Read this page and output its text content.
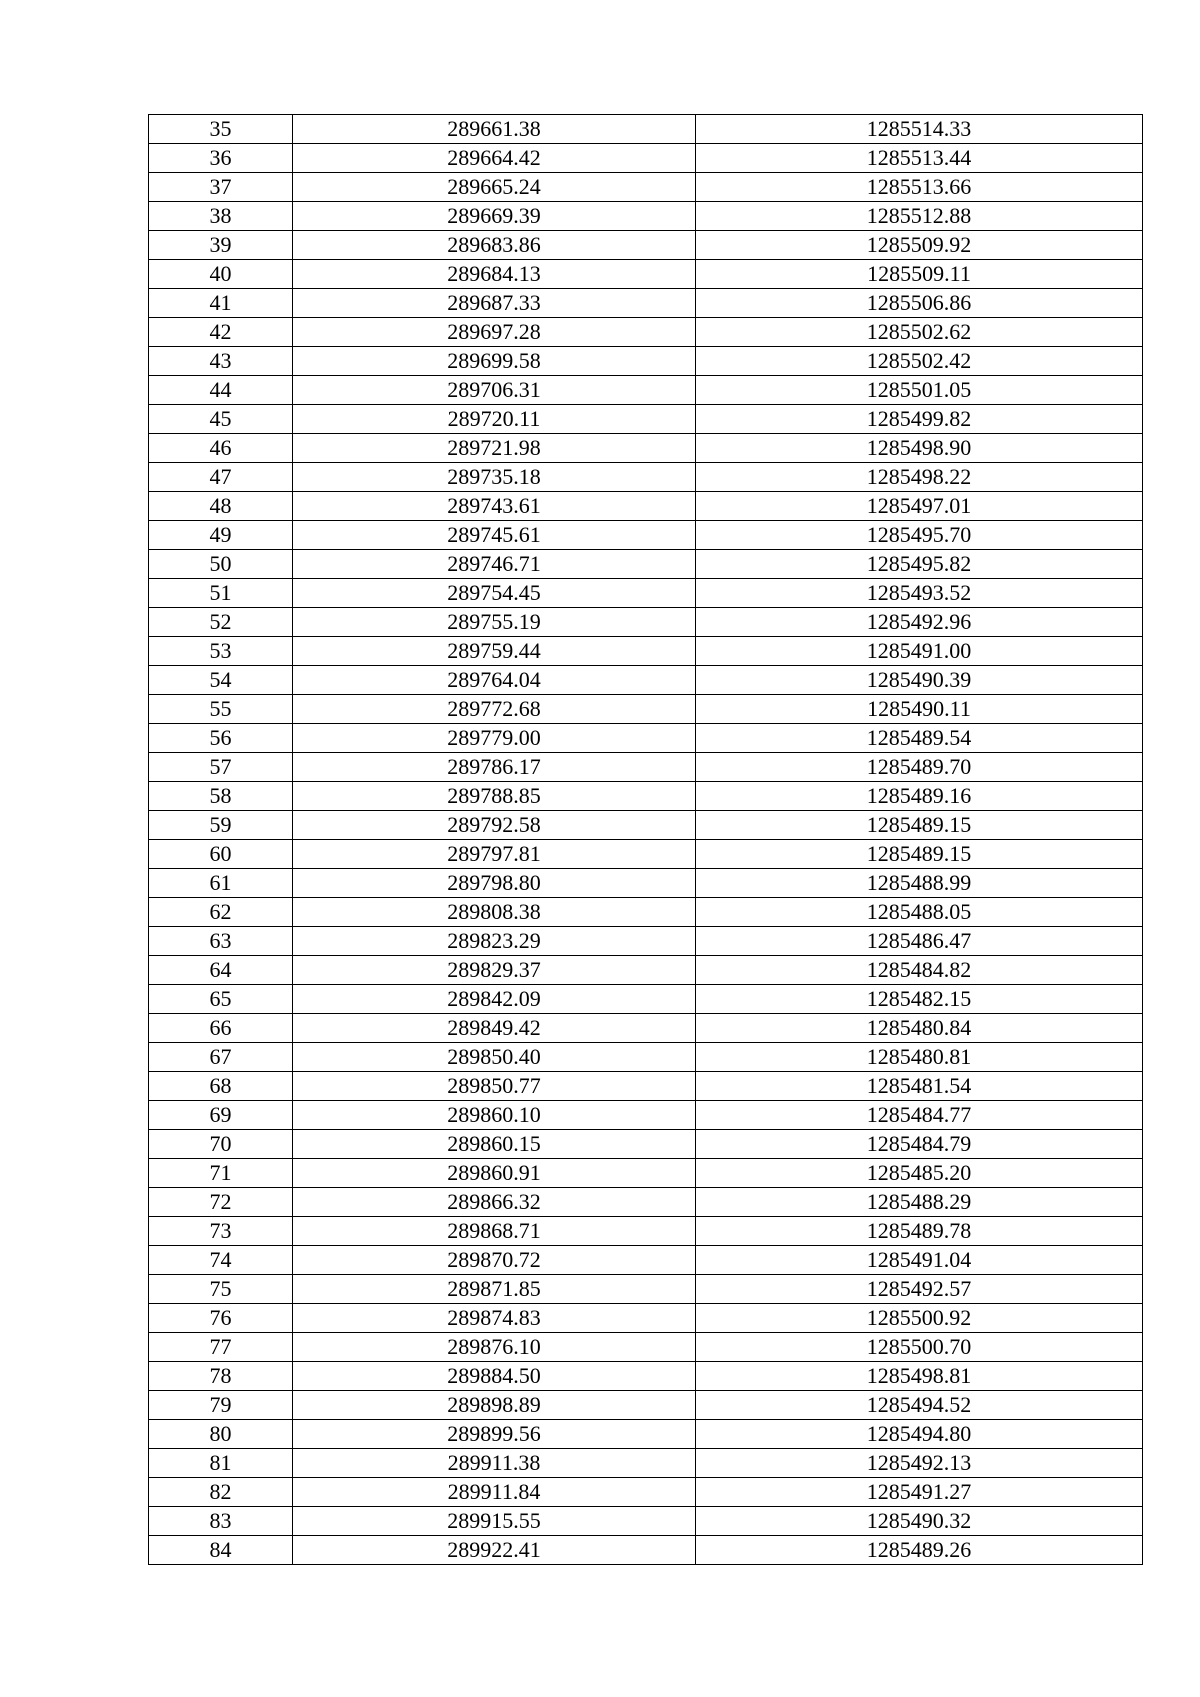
35	289661.38	1285514.33
36	289664.42	1285513.44
37	289665.24	1285513.66
38	289669.39	1285512.88
39	289683.86	1285509.92
40	289684.13	1285509.11
41	289687.33	1285506.86
42	289697.28	1285502.62
43	289699.58	1285502.42
44	289706.31	1285501.05
45	289720.11	1285499.82
46	289721.98	1285498.90
47	289735.18	1285498.22
48	289743.61	1285497.01
49	289745.61	1285495.70
50	289746.71	1285495.82
51	289754.45	1285493.52
52	289755.19	1285492.96
53	289759.44	1285491.00
54	289764.04	1285490.39
55	289772.68	1285490.11
56	289779.00	1285489.54
57	289786.17	1285489.70
58	289788.85	1285489.16
59	289792.58	1285489.15
60	289797.81	1285489.15
61	289798.80	1285488.99
62	289808.38	1285488.05
63	289823.29	1285486.47
64	289829.37	1285484.82
65	289842.09	1285482.15
66	289849.42	1285480.84
67	289850.40	1285480.81
68	289850.77	1285481.54
69	289860.10	1285484.77
70	289860.15	1285484.79
71	289860.91	1285485.20
72	289866.32	1285488.29
73	289868.71	1285489.78
74	289870.72	1285491.04
75	289871.85	1285492.57
76	289874.83	1285500.92
77	289876.10	1285500.70
78	289884.50	1285498.81
79	289898.89	1285494.52
80	289899.56	1285494.80
81	289911.38	1285492.13
82	289911.84	1285491.27
83	289915.55	1285490.32
84	289922.41	1285489.26
